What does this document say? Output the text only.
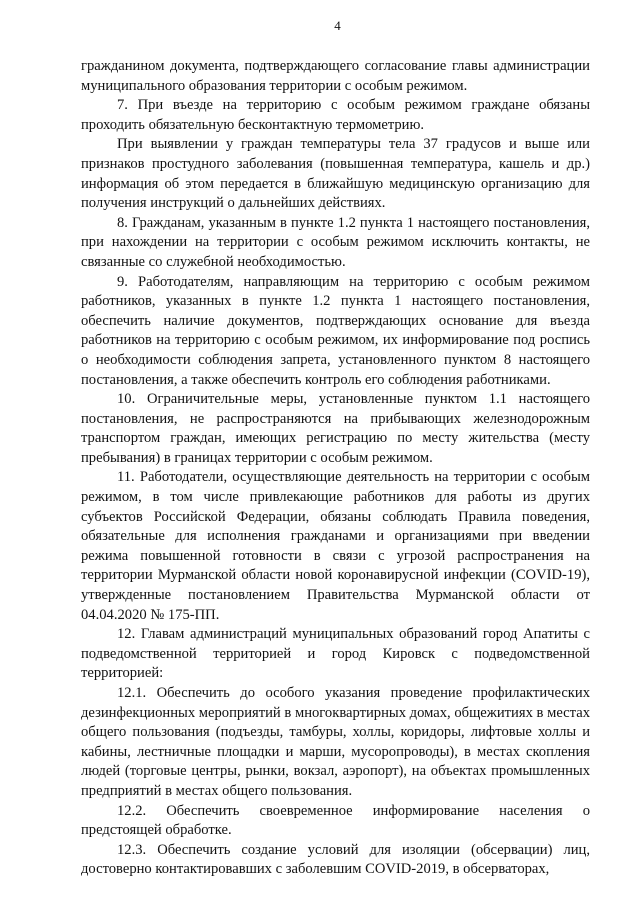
4

гражданином документа, подтверждающего согласование главы администрации муниципального образования территории с особым режимом.

7. При въезде на территорию с особым режимом граждане обязаны проходить обязательную бесконтактную термометрию.

При выявлении у граждан температуры тела 37 градусов и выше или признаков простудного заболевания (повышенная температура, кашель и др.) информация об этом передается в ближайшую медицинскую организацию для получения инструкций о дальнейших действиях.

8. Гражданам, указанным в пункте 1.2 пункта 1 настоящего постановления, при нахождении на территории с особым режимом исключить контакты, не связанные со служебной необходимостью.

9. Работодателям, направляющим на территорию с особым режимом работников, указанных в пункте 1.2 пункта 1 настоящего постановления, обеспечить наличие документов, подтверждающих основание для въезда работников на территорию с особым режимом, их информирование под роспись о необходимости соблюдения запрета, установленного пунктом 8 настоящего постановления, а также обеспечить контроль его соблюдения работниками.

10. Ограничительные меры, установленные пунктом 1.1 настоящего постановления, не распространяются на прибывающих железнодорожным транспортом граждан, имеющих регистрацию по месту жительства (месту пребывания) в границах территории с особым режимом.

11. Работодатели, осуществляющие деятельность на территории с особым режимом, в том числе привлекающие работников для работы из других субъектов Российской Федерации, обязаны соблюдать Правила поведения, обязательные для исполнения гражданами и организациями при введении режима повышенной готовности в связи с угрозой распространения на территории Мурманской области новой коронавирусной инфекции (COVID-19), утвержденные постановлением Правительства Мурманской области от 04.04.2020 № 175-ПП.

12. Главам администраций муниципальных образований город Апатиты с подведомственной территорией и город Кировск с подведомственной территорией:

12.1. Обеспечить до особого указания проведение профилактических дезинфекционных мероприятий в многоквартирных домах, общежитиях в местах общего пользования (подъезды, тамбуры, холлы, коридоры, лифтовые холлы и кабины, лестничные площадки и марши, мусоропроводы), в местах скопления людей (торговые центры, рынки, вокзал, аэропорт), на объектах промышленных предприятий в местах общего пользования.

12.2. Обеспечить своевременное информирование населения о предстоящей обработке.

12.3. Обеспечить создание условий для изоляции (обсервации) лиц, достоверно контактировавших с заболевшим COVID-2019, в обсерваторах,
